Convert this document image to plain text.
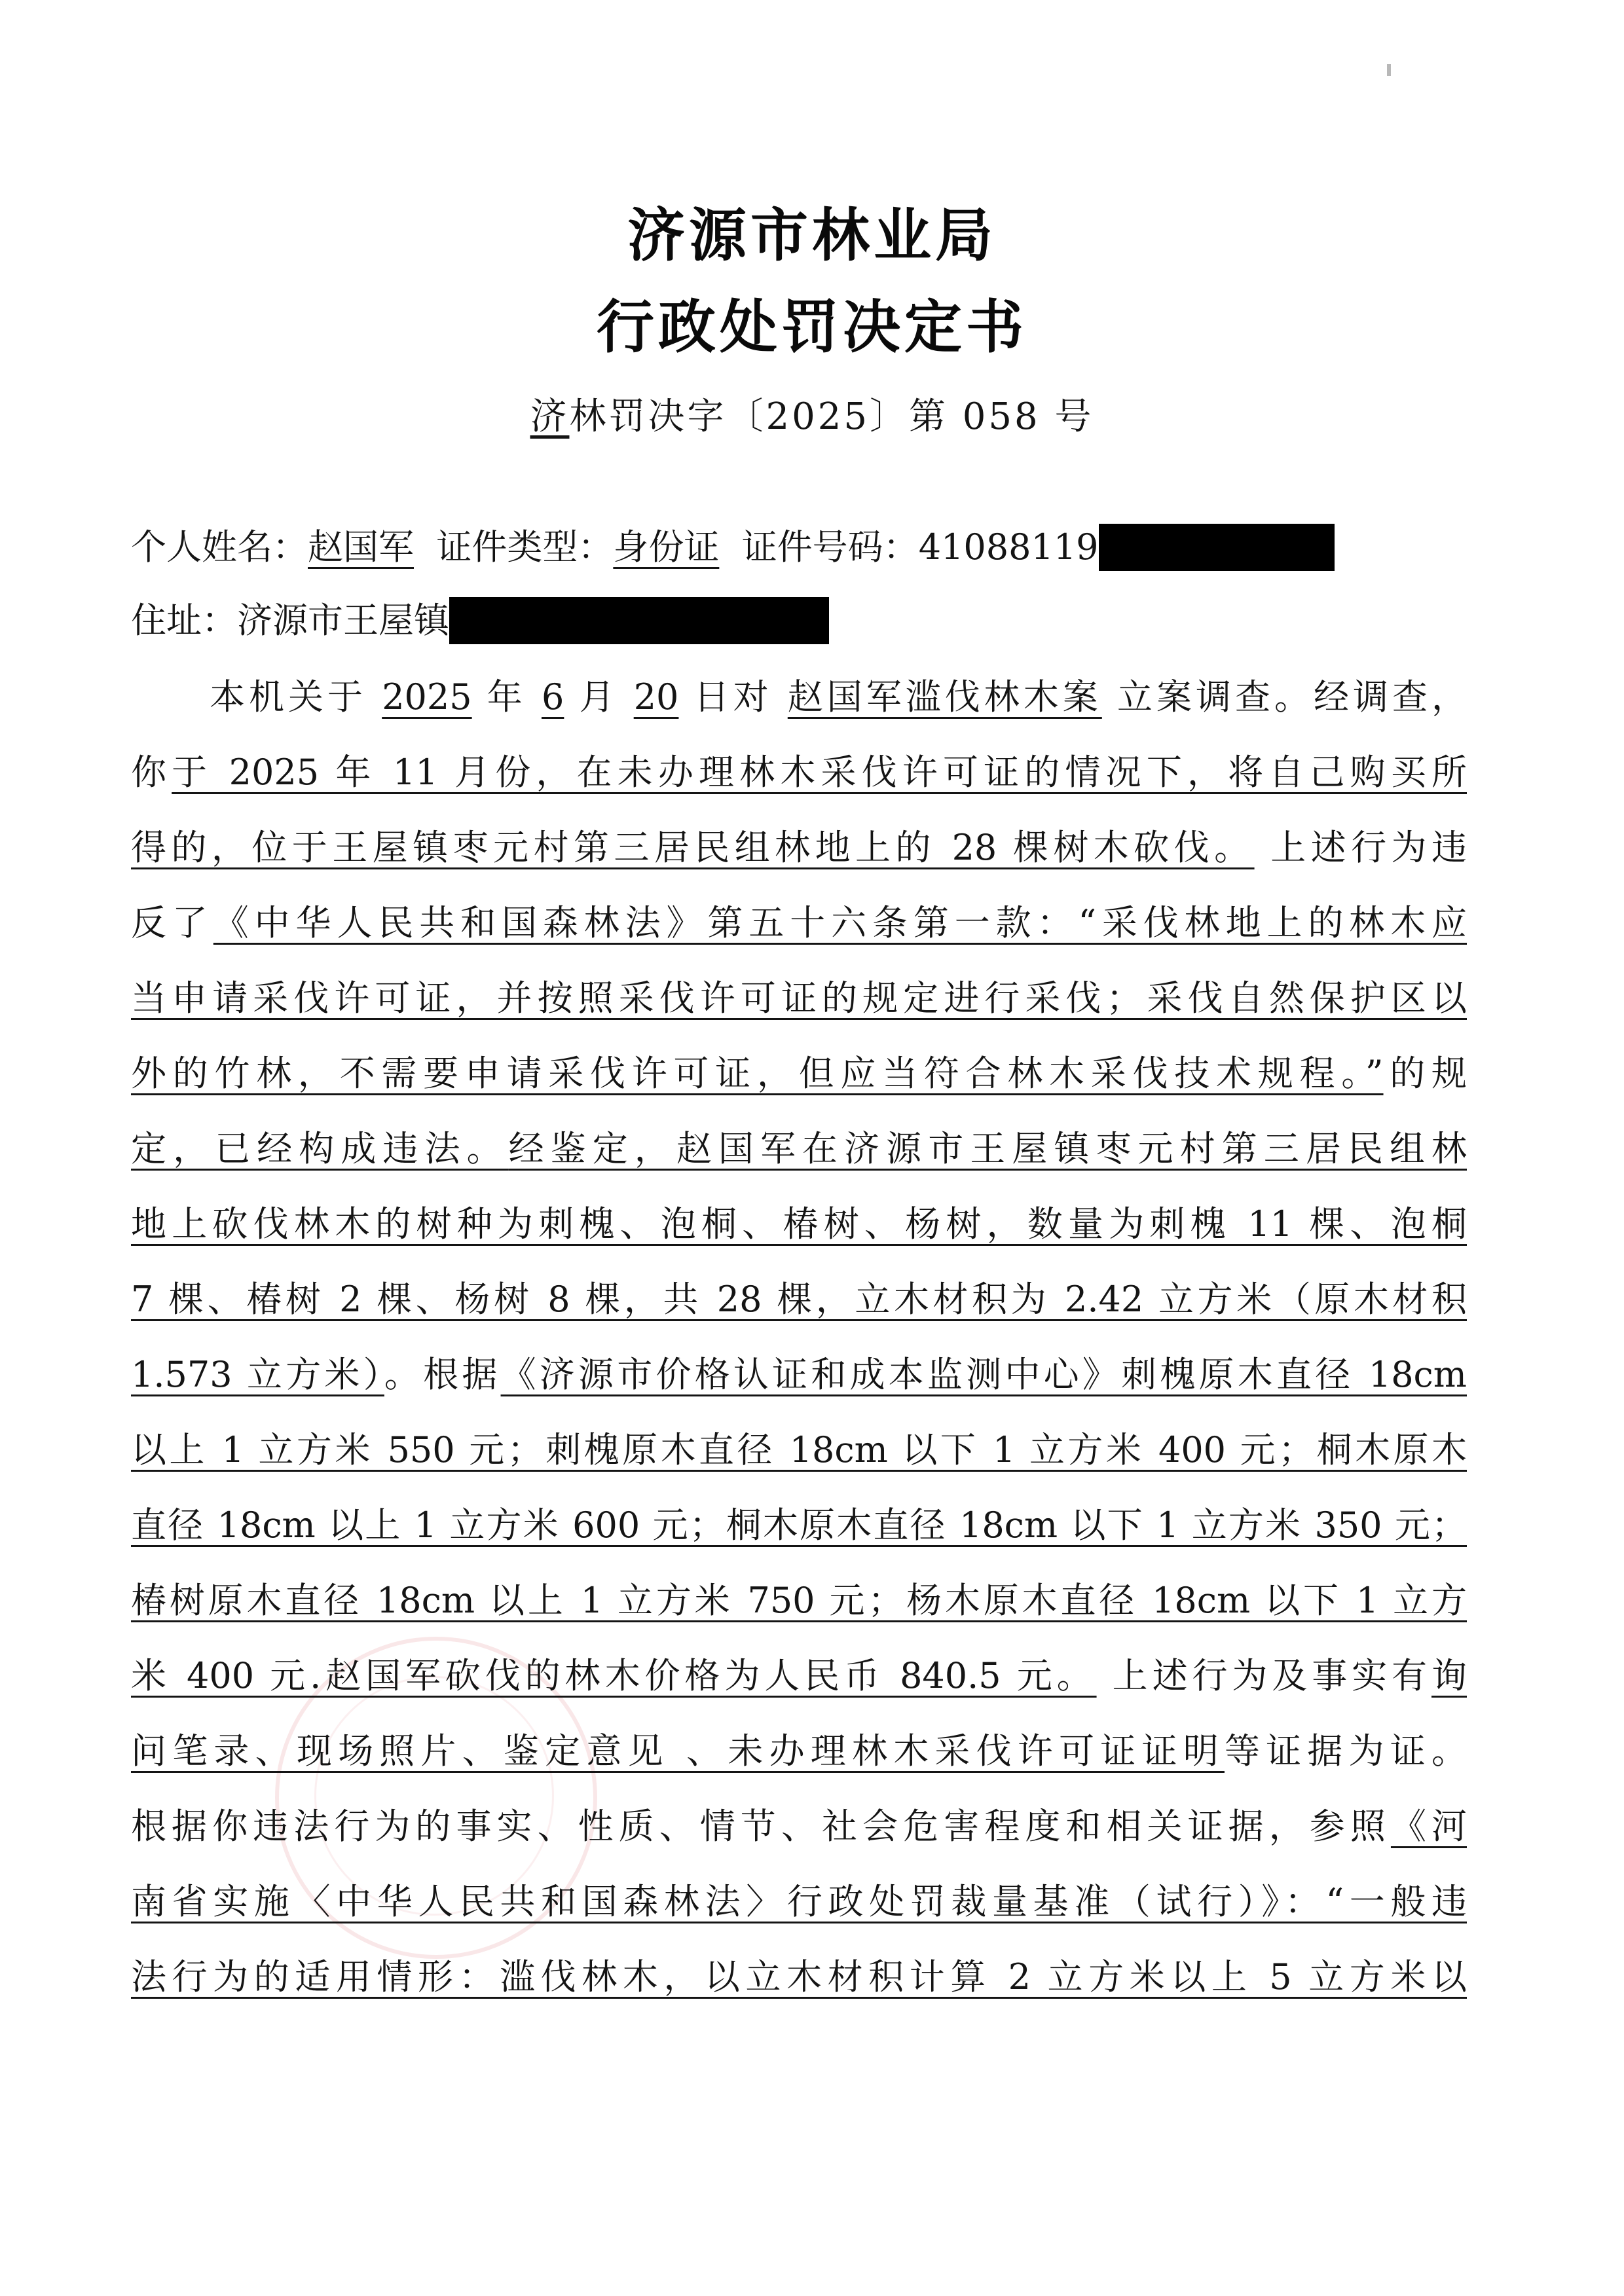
济源市林业局
行政处罚决定书
济林罚决字〔2025〕第 058 号
个人姓名：赵国军 证件类型：身份证 证件号码：41088119
住址：济源市王屋镇
本机关于 2025 年 6 月 20 日对 赵国军滥伐林木案 立案调查。经调查，
你于 2025 年 11 月份，在未办理林木采伐许可证的情况下，将自己购买所
得的，位于王屋镇枣元村第三居民组林地上的 28 棵树木砍伐。 上述行为违
反了《中华人民共和国森林法》第五十六条第一款：“采伐林地上的林木应
当申请采伐许可证，并按照采伐许可证的规定进行采伐；采伐自然保护区以
外的竹林，不需要申请采伐许可证，但应当符合林木采伐技术规程。”的规
定，已经构成违法。经鉴定，赵国军在济源市王屋镇枣元村第三居民组林
地上砍伐林木的树种为刺槐、泡桐、椿树、杨树，数量为刺槐 11 棵、泡桐
7 棵、椿树 2 棵、杨树 8 棵，共 28 棵，立木材积为 2.42 立方米（原木材积
1.573 立方米）。根据《济源市价格认证和成本监测中心》刺槐原木直径 18cm
以上 1 立方米 550 元；刺槐原木直径 18cm 以下 1 立方米 400 元；桐木原木
直径 18cm 以上 1 立方米 600 元；桐木原木直径 18cm 以下 1 立方米 350 元；
椿树原木直径 18cm 以上 1 立方米 750 元；杨木原木直径 18cm 以下 1 立方
米 400 元.赵国军砍伐的林木价格为人民币 840.5 元。 上述行为及事实有询
问笔录、现场照片、鉴定意见 、未办理林木采伐许可证证明等证据为证。
根据你违法行为的事实、性质、情节、社会危害程度和相关证据，参照《河
南省实施〈中华人民共和国森林法〉行政处罚裁量基准（试行）》：“一般违
法行为的适用情形：滥伐林木，以立木材积计算 2 立方米以上 5 立方米以
